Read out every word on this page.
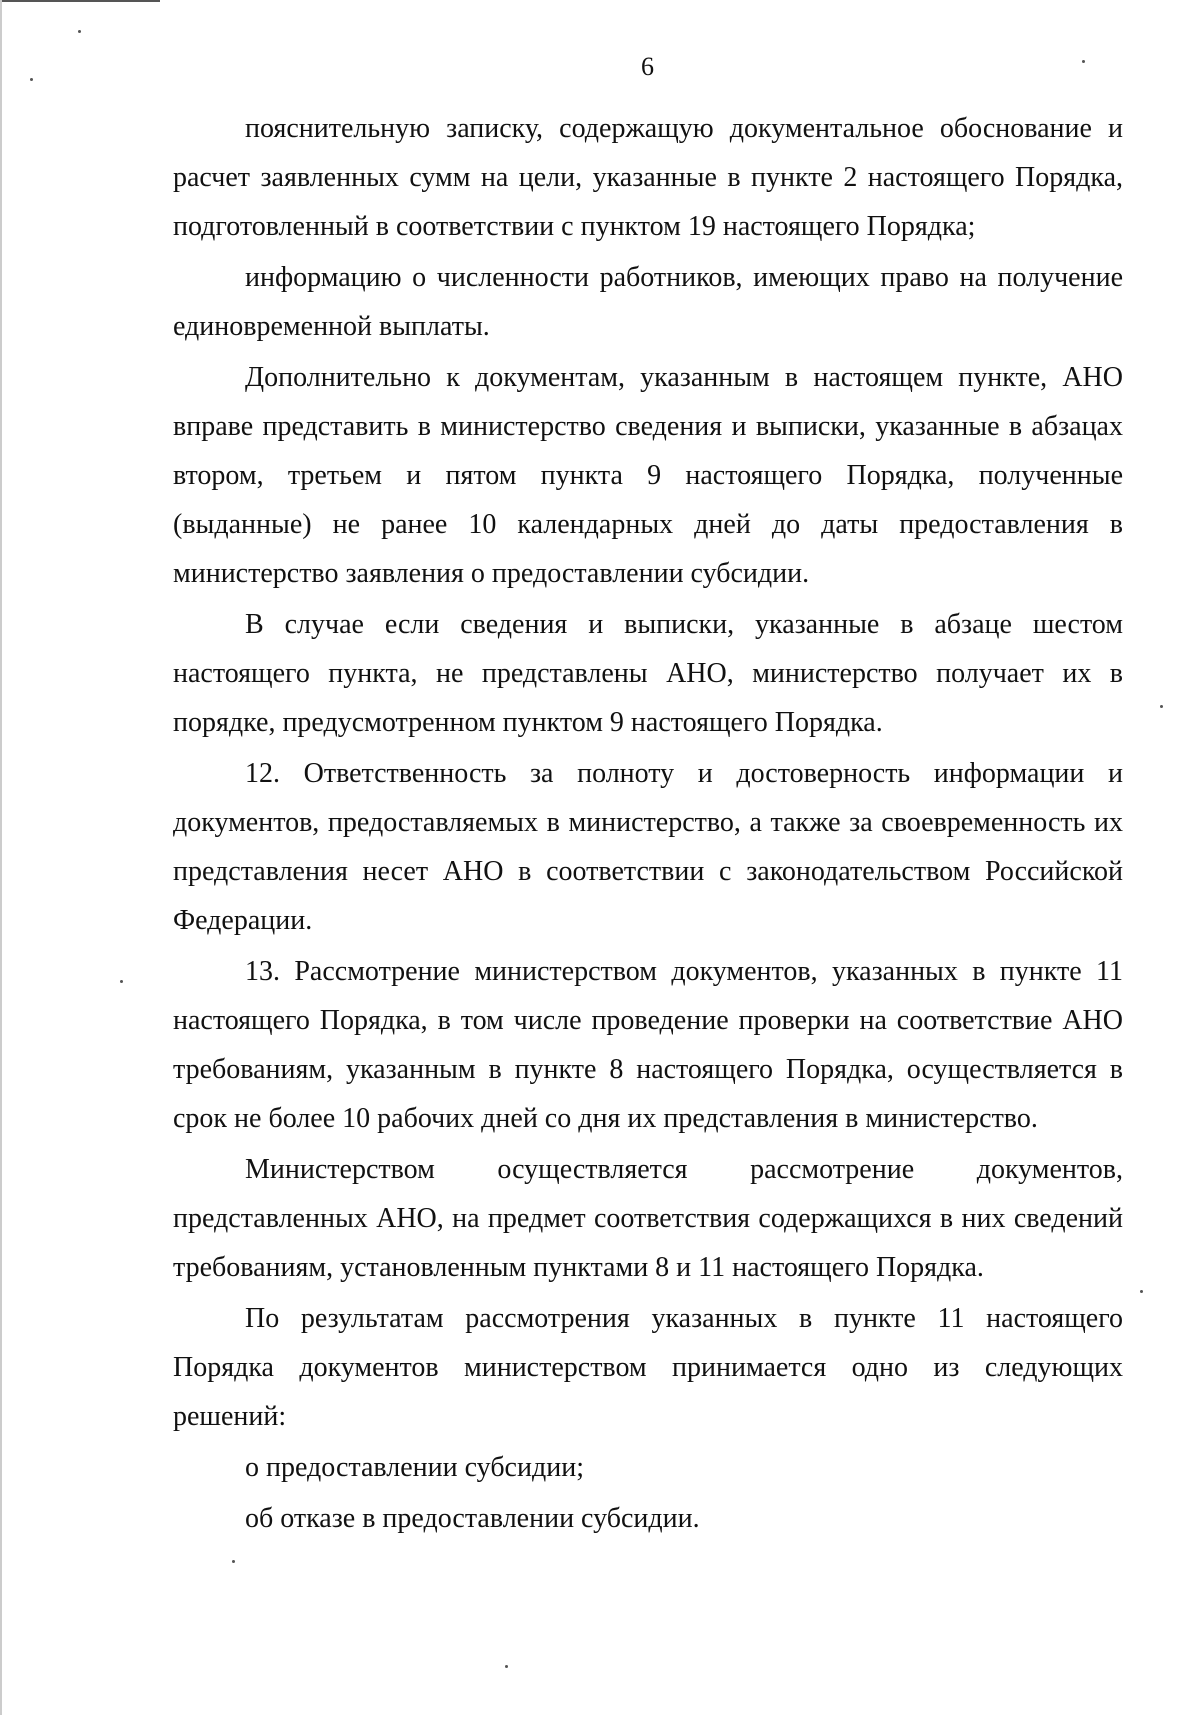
6

пояснительную записку, содержащую документальное обоснование и расчет заявленных сумм на цели, указанные в пункте 2 настоящего Порядка, подготовленный в соответствии с пунктом 19 настоящего Порядка;

информацию о численности работников, имеющих право на получение единовременной выплаты.

Дополнительно к документам, указанным в настоящем пункте, АНО вправе представить в министерство сведения и выписки, указанные в абзацах втором, третьем и пятом пункта 9 настоящего Порядка, полученные (выданные) не ранее 10 календарных дней до даты предоставления в министерство заявления о предоставлении субсидии.

В случае если сведения и выписки, указанные в абзаце шестом настоящего пункта, не представлены АНО, министерство получает их в порядке, предусмотренном пунктом 9 настоящего Порядка.

12. Ответственность за полноту и достоверность информации и документов, предоставляемых в министерство, а также за своевременность их представления несет АНО в соответствии с законодательством Российской Федерации.

13. Рассмотрение министерством документов, указанных в пункте 11 настоящего Порядка, в том числе проведение проверки на соответствие АНО требованиям, указанным в пункте 8 настоящего Порядка, осуществляется в срок не более 10 рабочих дней со дня их представления в министерство.

Министерством осуществляется рассмотрение документов, представленных АНО, на предмет соответствия содержащихся в них сведений требованиям, установленным пунктами 8 и 11 настоящего Порядка.

По результатам рассмотрения указанных в пункте 11 настоящего Порядка документов министерством принимается одно из следующих решений:

о предоставлении субсидии;

об отказе в предоставлении субсидии.
